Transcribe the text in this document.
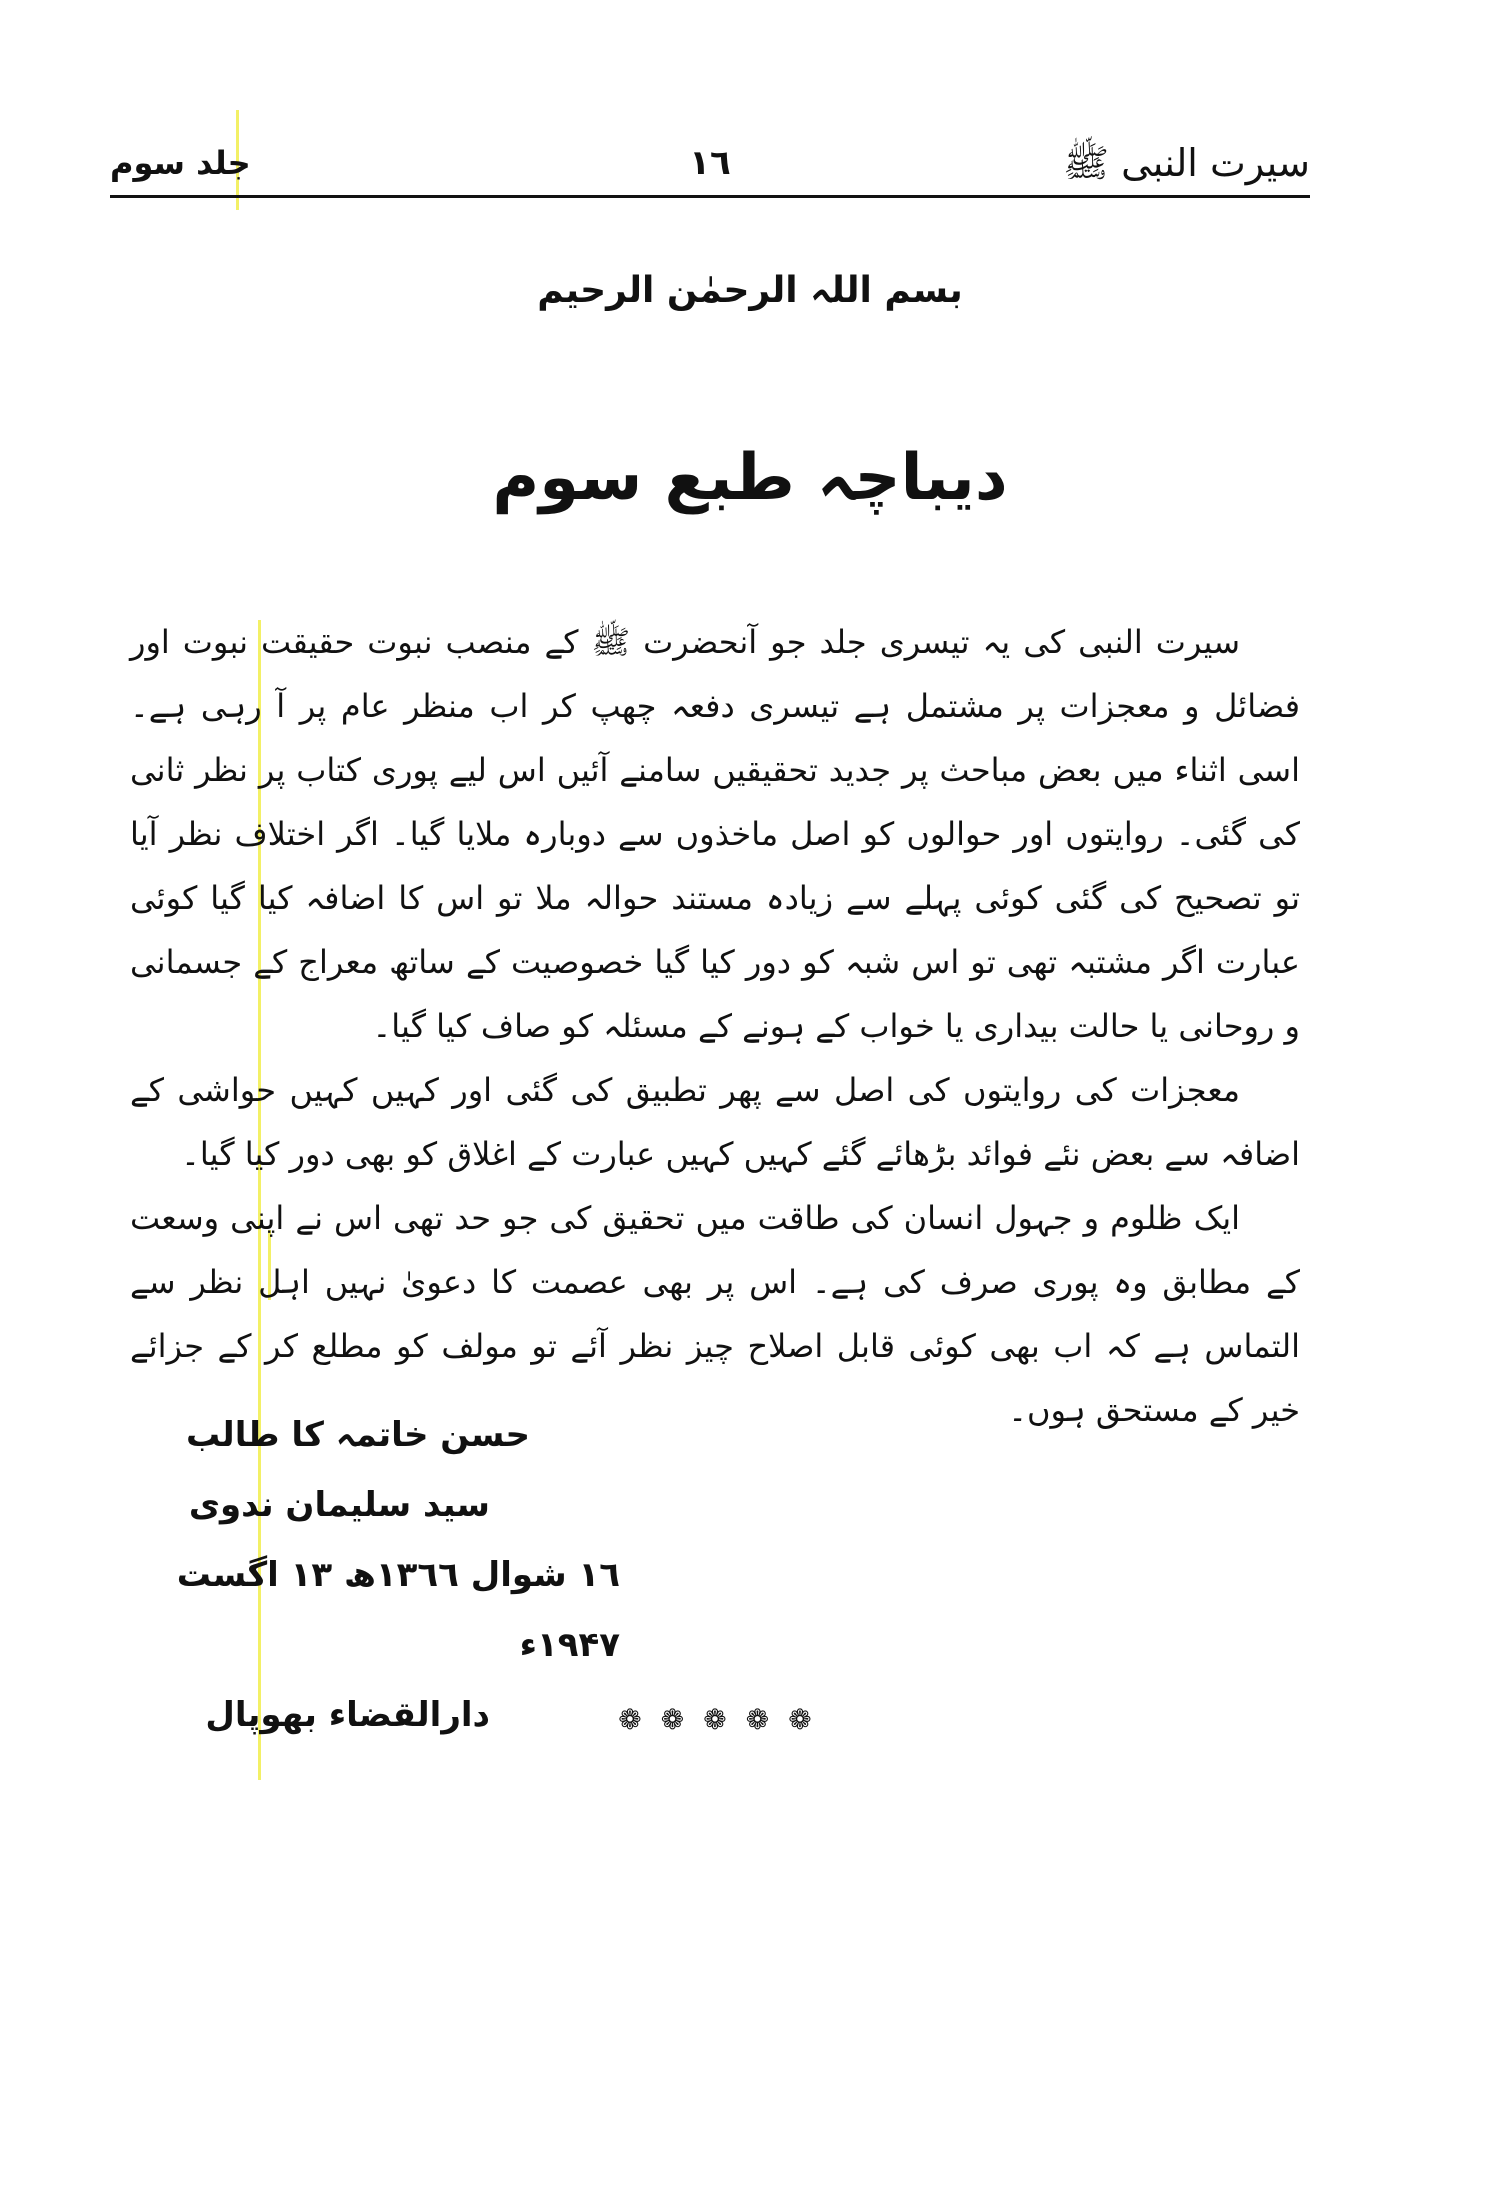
سیرت النبی ﷺ
۱٦
جلد سوم
بسم اللہ الرحمٰن الرحیم
دیباچہ طبع سوم

سیرت النبی کی یہ تیسری جلد جو آنحضرت ﷺ کے منصب نبوت حقیقت نبوت اور فضائل و معجزات پر مشتمل ہے تیسری دفعہ چھپ کر اب منظر عام پر آ رہی ہے۔ اسی اثناء میں بعض مباحث پر جدید تحقیقیں سامنے آئیں اس لیے پوری کتاب پر نظر ثانی کی گئی۔ روایتوں اور حوالوں کو اصل ماخذوں سے دوبارہ ملایا گیا۔ اگر اختلاف نظر آیا تو تصحیح کی گئی کوئی پہلے سے زیادہ مستند حوالہ ملا تو اس کا اضافہ کیا گیا کوئی عبارت اگر مشتبہ تھی تو اس شبہ کو دور کیا گیا خصوصیت کے ساتھ معراج کے جسمانی و روحانی یا حالت بیداری یا خواب کے ہونے کے مسئلہ کو صاف کیا گیا۔

معجزات کی روایتوں کی اصل سے پھر تطبیق کی گئی اور کہیں کہیں حواشی کے اضافہ سے بعض نئے فوائد بڑھائے گئے کہیں کہیں عبارت کے اغلاق کو بھی دور کیا گیا۔

ایک ظلوم و جہول انسان کی طاقت میں تحقیق کی جو حد تھی اس نے اپنی وسعت کے مطابق وہ پوری صرف کی ہے۔ اس پر بھی عصمت کا دعویٰ نہیں اہل نظر سے التماس ہے کہ اب بھی کوئی قابل اصلاح چیز نظر آئے تو مولف کو مطلع کر کے جزائے خیر کے مستحق ہوں۔

حسن خاتمہ کا طالب
سید سلیمان ندوی
۱٦ شوال ۱۳٦٦ھ ۱۳ اگست ۱۹۴۷ء
دارالقضاء بھوپال	❁ ❁ ❁ ❁ ❁
